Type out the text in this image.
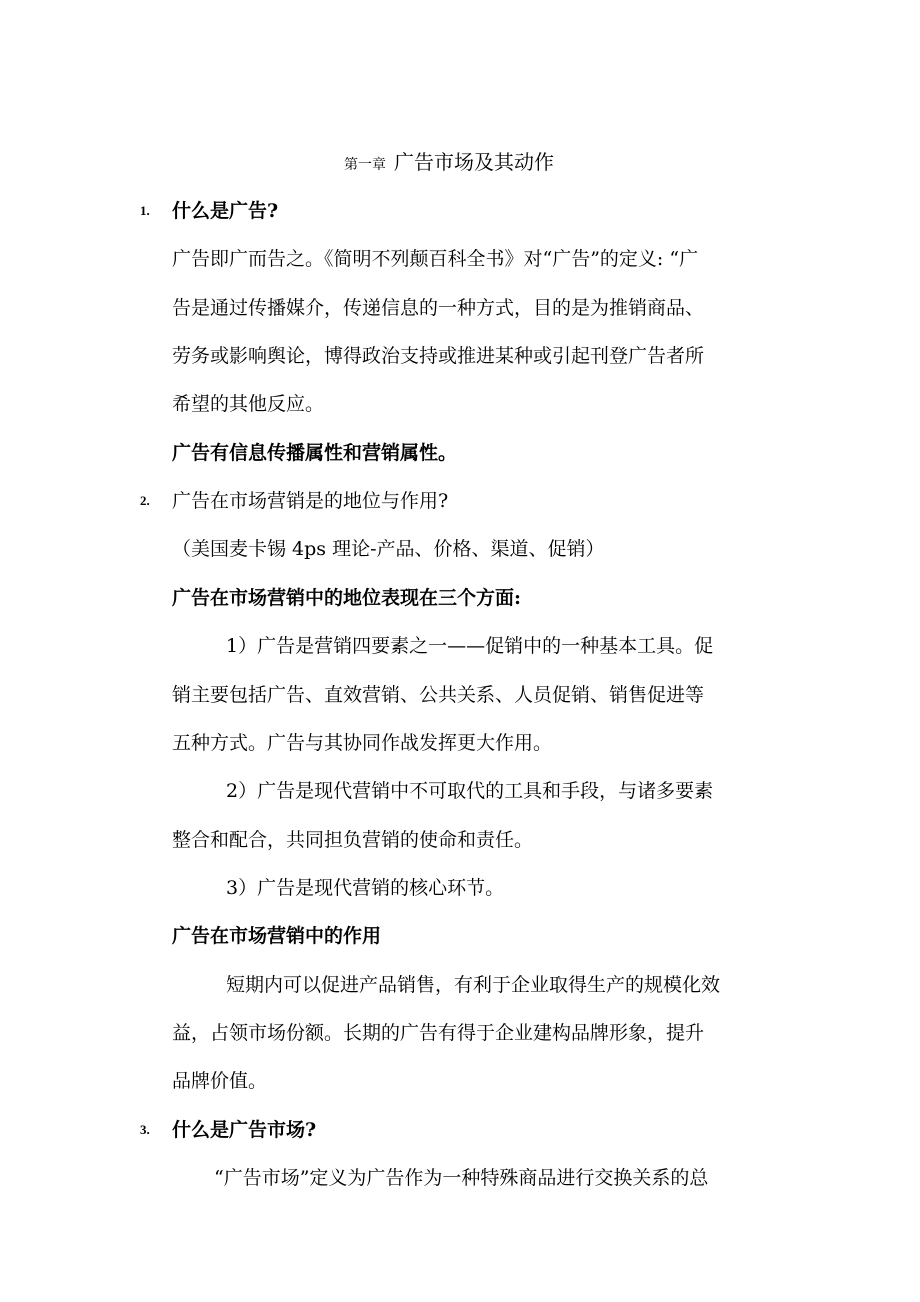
第一章 广告市场及其动作
1. 什么是广告?
广告即广而告之。《简明不列颠百科全书》对“广告”的定义: “广
告是通过传播媒介，传递信息的一种方式，目的是为推销商品、
劳务或影响舆论，博得政治支持或推进某种或引起刊登广告者所
希望的其他反应。
广告有信息传播属性和营销属性。
2. 广告在市场营销是的地位与作用?
（美国麦卡锡 4ps 理论-产品、价格、渠道、促销）
广告在市场营销中的地位表现在三个方面:
1）广告是营销四要素之一——促销中的一种基本工具。促
销主要包括广告、直效营销、公共关系、人员促销、销售促进等
五种方式。广告与其协同作战发挥更大作用。
2）广告是现代营销中不可取代的工具和手段，与诸多要素
整合和配合，共同担负营销的使命和责任。
3）广告是现代营销的核心环节。
广告在市场营销中的作用
短期内可以促进产品销售，有利于企业取得生产的规模化效
益，占领市场份额。长期的广告有得于企业建构品牌形象，提升
品牌价值。
3. 什么是广告市场?
“广告市场”定义为广告作为一种特殊商品进行交换关系的总
